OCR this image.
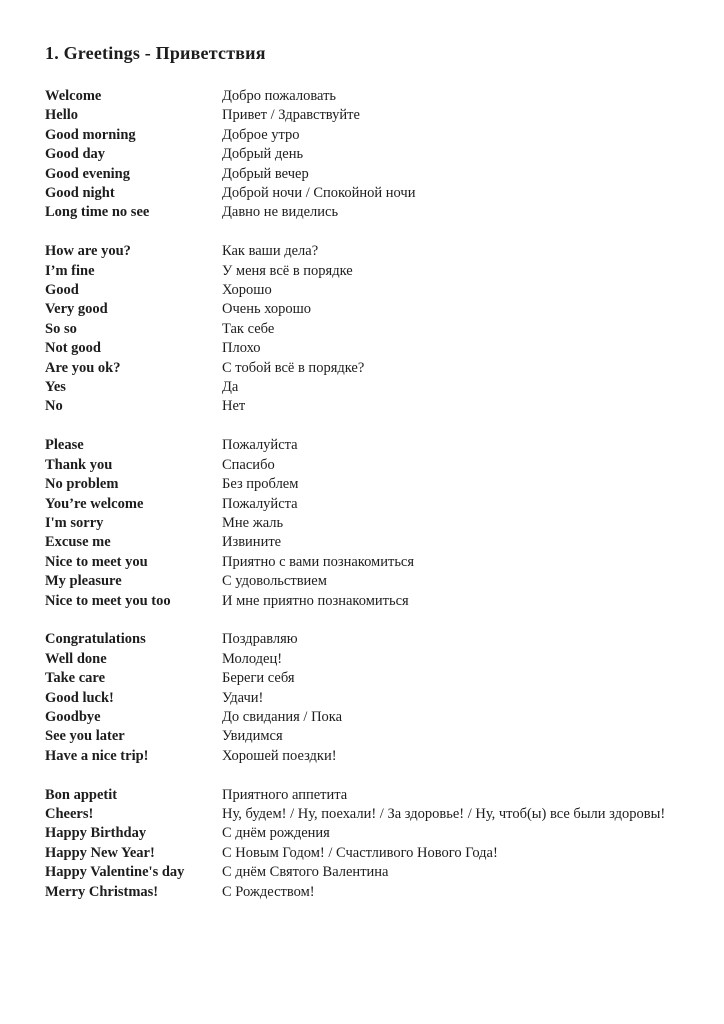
1. Greetings - Приветствия
Welcome	Добро пожаловать
Hello	Привет / Здравствуйте
Good morning	Доброе утро
Good day	Добрый день
Good evening	Добрый вечер
Good night	Доброй ночи / Спокойной ночи
Long time no see	Давно не виделись
How are you?	Как ваши дела?
I’m fine	У меня всё в порядке
Good	Хорошо
Very good	Очень хорошо
So so	Так себе
Not good	Плохо
Are you ok?	С тобой всё в порядке?
Yes	Да
No	Нет
Please	Пожалуйста
Thank you	Спасибо
No problem	Без проблем
You’re welcome	Пожалуйста
I'm sorry	Мне жаль
Excuse me	Извините
Nice to meet you	Приятно с вами познакомиться
My pleasure	С удовольствием
Nice to meet you too	И мне приятно познакомиться
Congratulations	Поздравляю
Well done	Молодец!
Take care	Береги себя
Good luck!	Удачи!
Goodbye	До свидания / Пока
See you later	Увидимся
Have a nice trip!	Хорошей поездки!
Bon appetit	Приятного аппетита
Cheers!	Ну, будем! / Ну, поехали! / За здоровье! / Ну, чтоб(ы) все были здоровы!
Happy Birthday	С днём рождения
Happy New Year!	С Новым Годом! / Счастливого Нового Года!
Happy Valentine's day	С днём Святого Валентина
Merry Christmas!	С Рождеством!
